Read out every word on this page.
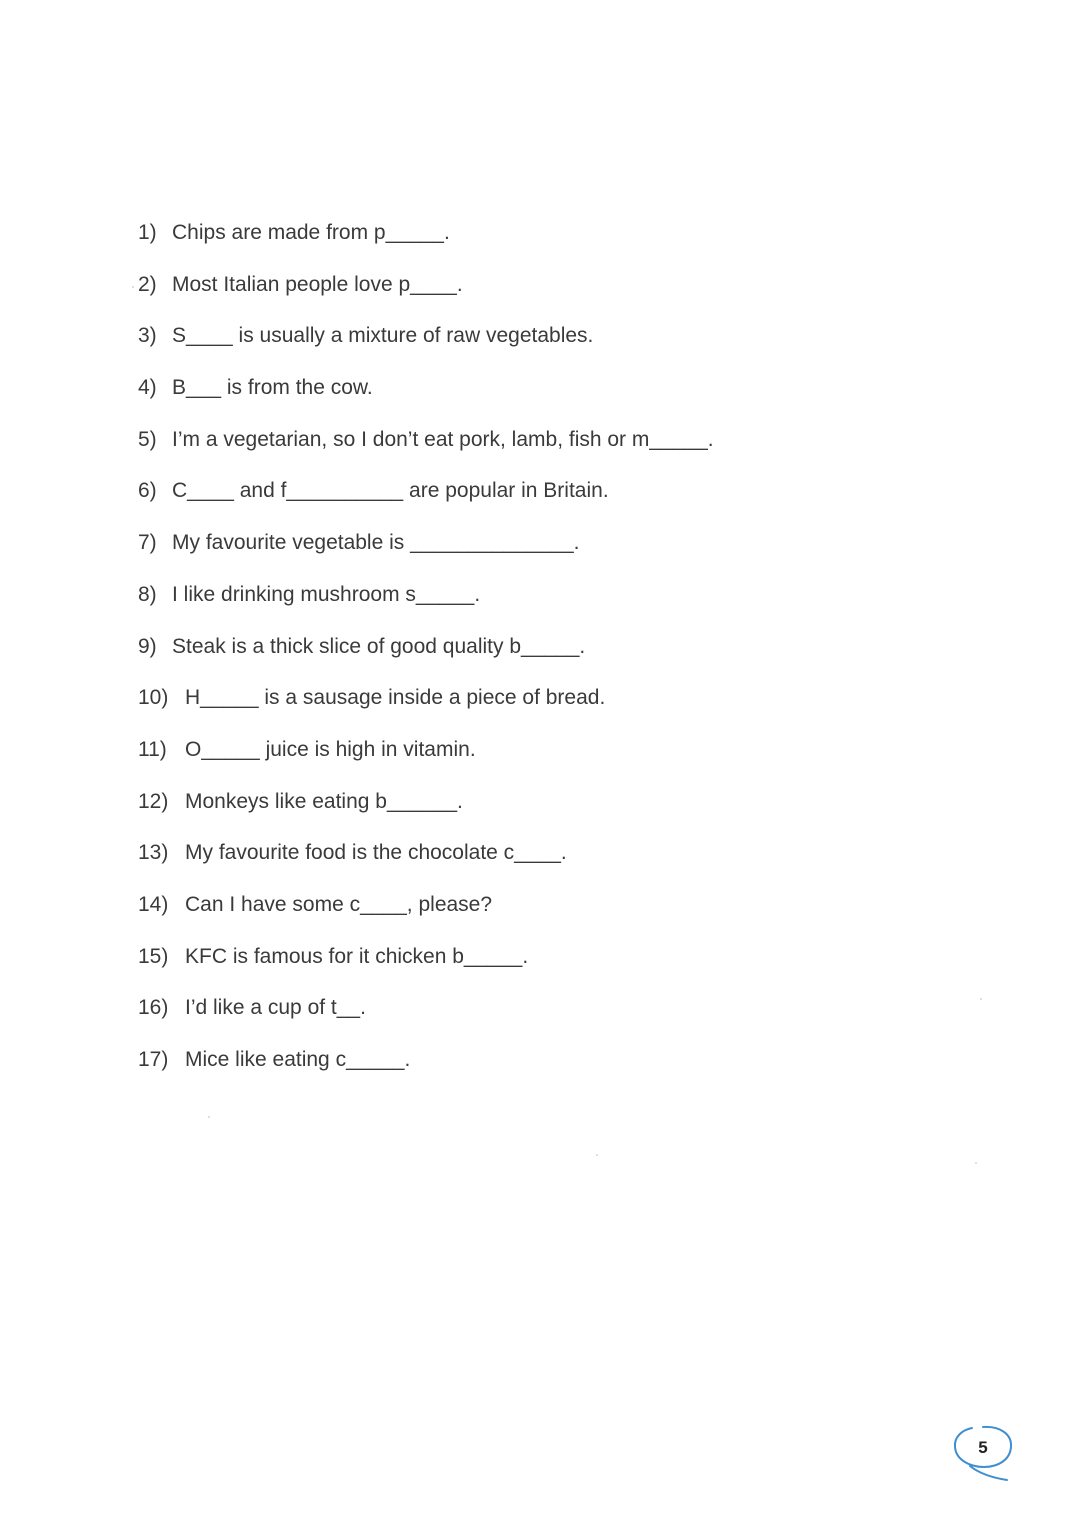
1) Chips are made from p_____.
2) Most Italian people love p____.
3) S____ is usually a mixture of raw vegetables.
4) B___ is from the cow.
5) I’m a vegetarian, so I don’t eat pork, lamb, fish or m_____.
6) C____ and f__________ are popular in Britain.
7) My favourite vegetable is ______________.
8) I like drinking mushroom s_____.
9) Steak is a thick slice of good quality b_____.
10) H_____ is a sausage inside a piece of bread.
11) O_____ juice is high in vitamin.
12) Monkeys like eating b______.
13) My favourite food is the chocolate c____.
14) Can I have some c____, please?
15) KFC is famous for it chicken b_____.
16) I’d like a cup of t__.
17) Mice like eating c_____.
5
